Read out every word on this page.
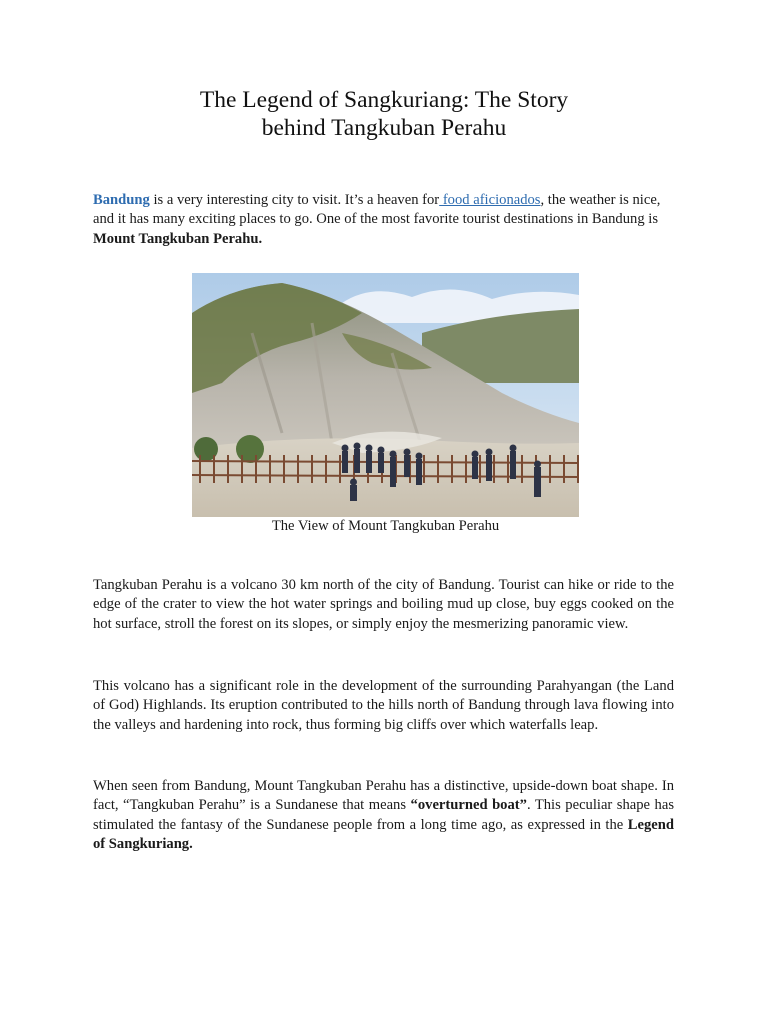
The Legend of Sangkuriang: The Story
behind Tangkuban Perahu

Bandung is a very interesting city to visit. It’s a heaven for food aficionados, the weather is nice, and it has many exciting places to go. One of the most favorite tourist destinations in Bandung is Mount Tangkuban Perahu.

The View of Mount Tangkuban Perahu

Tangkuban Perahu is a volcano 30 km north of the city of Bandung. Tourist can hike or ride to the edge of the crater to view the hot water springs and boiling mud up close, buy eggs cooked on the hot surface, stroll the forest on its slopes, or simply enjoy the mesmerizing panoramic view.

This volcano has a significant role in the development of the surrounding Parahyangan (the Land of God) Highlands. Its eruption contributed to the hills north of Bandung through lava flowing into the valleys and hardening into rock, thus forming big cliffs over which waterfalls leap.

When seen from Bandung, Mount Tangkuban Perahu has a distinctive, upside-down boat shape. In fact, “Tangkuban Perahu” is a Sundanese that means “overturned boat”. This peculiar shape has stimulated the fantasy of the Sundanese people from a long time ago, as expressed in the Legend of Sangkuriang.
